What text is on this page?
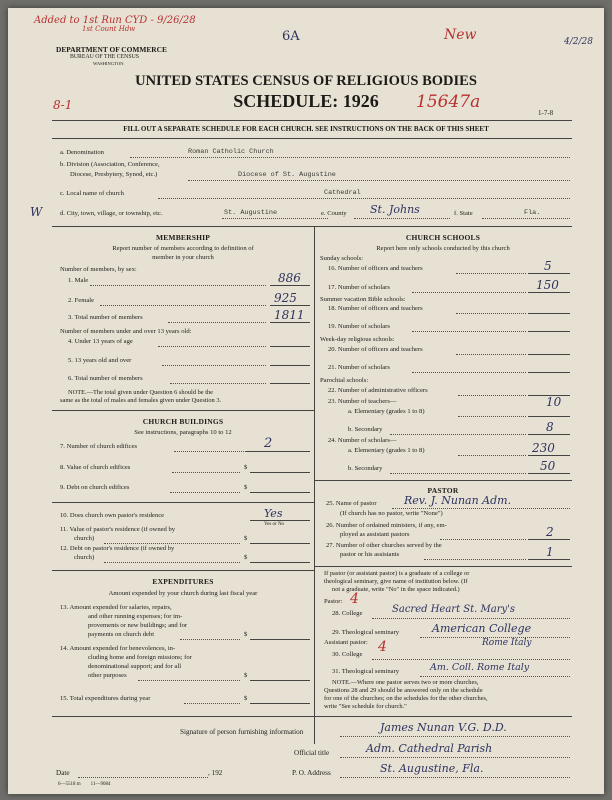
Added to 1st Run CYD - 9/26/28
1st Count Hdw	6A	New	4/2/28
DEPARTMENT OF COMMERCE
BUREAU OF THE CENSUS
WASHINGTON
UNITED STATES CENSUS OF RELIGIOUS BODIES
SCHEDULE: 1926
8-1	15647a
1-7-8
FILL OUT A SEPARATE SCHEDULE FOR EACH CHURCH. SEE INSTRUCTIONS ON THE BACK OF THIS SHEET
a. Denomination	Roman Catholic Church
b. Division (Association, Conference,
Diocese, Presbytery, Synod, etc.)	Diocese of St. Augustine
c. Local name of church	Cathedral
W	d. City, town, village, or township, etc.	St. Augustine	e. County St. Johns	f. State	Fla.
MEMBERSHIP
Report number of members according to definition of
member in your church
Number of members, by sex:
1. Male	886
2. Female	925
3. Total number of members	1811
Number of members under and over 13 years old:
4. Under 13 years of age
5. 13 years old and over
6. Total number of members
NOTE.—The total given under Question 6 should be the
same as the total of males and females given under Question 3.
CHURCH BUILDINGS
See instructions, paragraphs 10 to 12
7. Number of church edifices	2
8. Value of church edifices	$
9. Debt on church edifices	$
10. Does church own pastor's residence	Yes
Yes or No
11. Value of pastor's residence (if owned by
church)	$
12. Debt on pastor's residence (if owned by
church)	$
EXPENDITURES
Amount expended by your church during last fiscal year
13. Amount expended for salaries, repairs,
and other running expenses; for im-
provements or new buildings; and for
payments on church debt	$
14. Amount expended for benevolences, in-
cluding home and foreign missions; for
denominational support; and for all
other purposes	$
15. Total expenditures during year	$
CHURCH SCHOOLS
Report here only schools conducted by this church
Sunday schools:
16. Number of officers and teachers	5
17. Number of scholars	150
Summer vacation Bible schools:
18. Number of officers and teachers
19. Number of scholars
Week-day religious schools:
20. Number of officers and teachers
21. Number of scholars
Parochial schools:
22. Number of administrative officers
23. Number of teachers—	10
a. Elementary (grades 1 to 8)
b. Secondary	8
24. Number of scholars—
a. Elementary (grades 1 to 8)	230
b. Secondary	50
PASTOR
25. Name of pastor Rev. J. Nunan Adm.
(If church has no pastor, write "None")
26. Number of ordained ministers, if any, em-
ployed as assistant pastors	2
27. Number of other churches served by the
pastor or his assistants	1
If pastor (or assistant pastor) is a graduate of a college or
theological seminary, give name of institution below. (If
not a graduate, write "No" in the space indicated.)
Pastor: 4
28. College	Sacred Heart St. Mary's
29. Theological seminary	American College
Rome Italy
Assistant pastor: 4
30. College
31. Theological seminary	Am. Coll. Rome Italy
NOTE.—Where one pastor serves two or more churches,
Questions 28 and 29 should be answered only on the schedule
for one of the churches; on the schedules for the other churches,
write "See schedule for church."
Signature of person furnishing information	James Nunan V.G. D.D.
Official title	Adm. Cathedral Parish
Date	, 192	P. O. Address	St. Augustine, Fla.
6—5518 m        11—9084
